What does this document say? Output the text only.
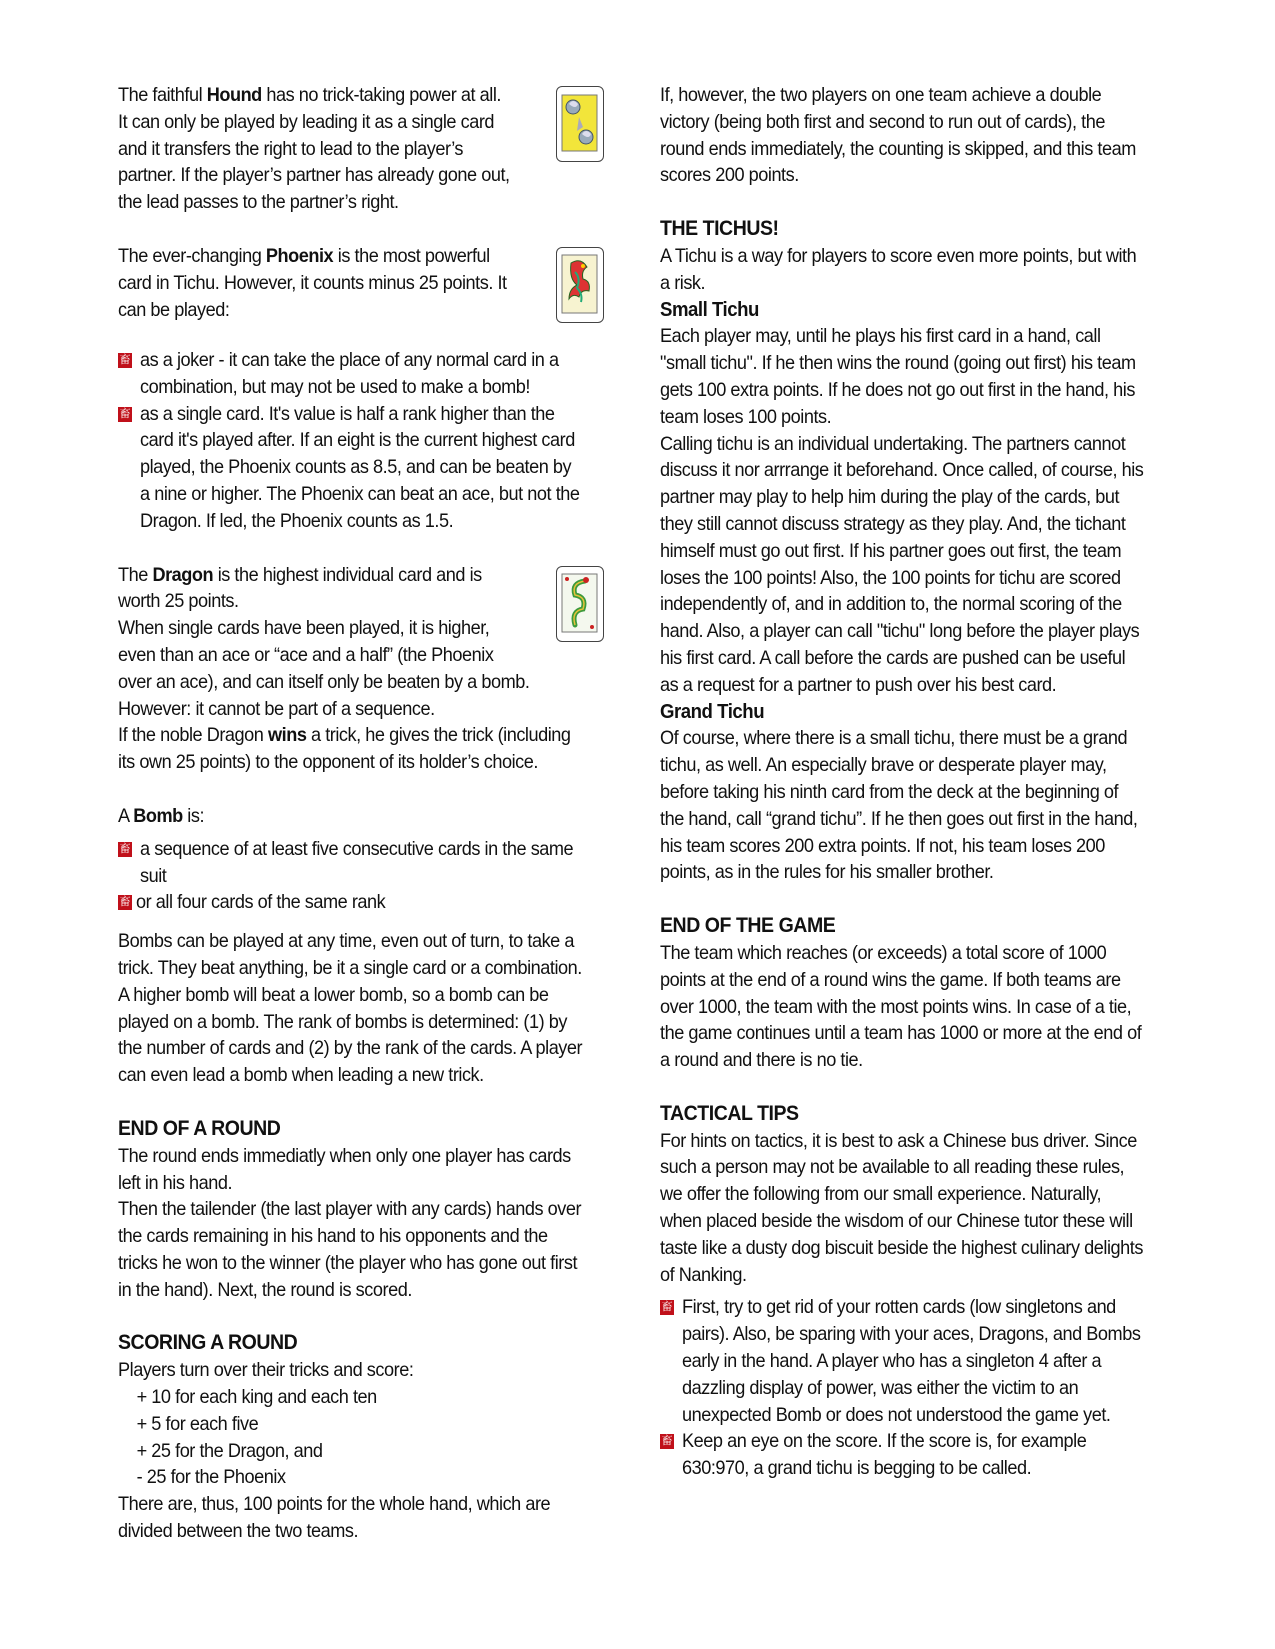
The faithful Hound has no trick-taking power at all. It can only be played by leading it as a single card and it transfers the right to lead to the player’s partner. If the player’s partner has already gone out, the lead passes to the partner’s right.

The ever-changing Phoenix is the most powerful card in Tichu. However, it counts minus 25 points. It can be played:

畜

as a joker - it can take the place of any normal card in a combination, but may not be used to make a bomb!

畜

as a single card. It's value is half a rank higher than the card it's played after. If an eight is the current highest card played, the Phoenix counts as 8.5, and can be beaten by a nine or higher. The Phoenix can beat an ace, but not the Dragon. If led, the Phoenix counts as 1.5.

The Dragon is the highest individual card and is worth 25 points.

When single cards have been played, it is higher, even than an ace or “ace and a half” (the Phoenix over an ace), and can itself only be beaten by a bomb. However: it cannot be part of a sequence.

If the noble Dragon wins a trick, he gives the trick (including its own 25 points) to the opponent of its holder’s choice.

A Bomb is:

畜

a sequence of at least five consecutive cards in the same suit

畜

or all four cards of the same rank

Bombs can be played at any time, even out of turn, to take a trick. They beat anything, be it a single card or a combination. A higher bomb will beat a lower bomb, so a bomb can be played on a bomb. The rank of bombs is determined: (1) by the number of cards and (2) by the rank of the cards. A player can even lead a bomb when leading a new trick.

END OF A ROUND

The round ends immediatly when only one player has cards left in his hand.

Then the tailender (the last player with any cards) hands over the cards remaining in his hand to his opponents and the tricks he won to the winner (the player who has gone out first in the hand). Next, the round is scored.

SCORING A ROUND

Players turn over their tricks and score:

+ 10 for each king and each ten

+ 5 for each five

+ 25 for the Dragon, and

- 25 for the Phoenix

There are, thus, 100 points for the whole hand, which are divided between the two teams.

If, however, the two players on one team achieve a double victory (being both first and second to run out of cards), the round ends immediately, the counting is skipped, and this team scores 200 points.

THE TICHUS!

A Tichu is a way for players to score even more points, but with a risk.

Small Tichu

Each player may, until he plays his first card in a hand, call "small tichu". If he then wins the round (going out first) his team gets 100 extra points. If he does not go out first in the hand, his team loses 100 points.

Calling tichu is an individual undertaking. The partners cannot discuss it nor arrrange it beforehand. Once called, of course, his partner may play to help him during the play of the cards, but they still cannot discuss strategy as they play. And, the tichant himself must go out first. If his partner goes out first, the team loses the 100 points! Also, the 100 points for tichu are scored independently of, and in addition to, the normal scoring of the hand. Also, a player can call "tichu" long before the player plays his first card. A call before the cards are pushed can be useful as a request for a partner to push over his best card.

Grand Tichu

Of course, where there is a small tichu, there must be a grand tichu, as well. An especially brave or desperate player may, before taking his ninth card from the deck at the beginning of the hand, call “grand tichu”. If he then goes out first in the hand, his team scores 200 extra points. If not, his team loses 200 points, as in the rules for his smaller brother.

END OF THE GAME

The team which reaches (or exceeds) a total score of 1000 points at the end of a round wins the game. If both teams are over 1000, the team with the most points wins. In case of a tie, the game continues until a team has 1000 or more at the end of a round and there is no tie.

TACTICAL TIPS

For hints on tactics, it is best to ask a Chinese bus driver. Since such a person may not be available to all reading these rules, we offer the following from our small experience. Naturally, when placed beside the wisdom of our Chinese tutor these will taste like a dusty dog biscuit beside the highest culinary delights of Nanking.

畜

First, try to get rid of your rotten cards (low singletons and pairs). Also, be sparing with your aces, Dragons, and Bombs early in the hand. A player who has a singleton 4 after a dazzling display of power, was either the victim to an unexpected Bomb or does not understood the game yet.

畜

Keep an eye on the score. If the score is, for example 630:970, a grand tichu is begging to be called.
